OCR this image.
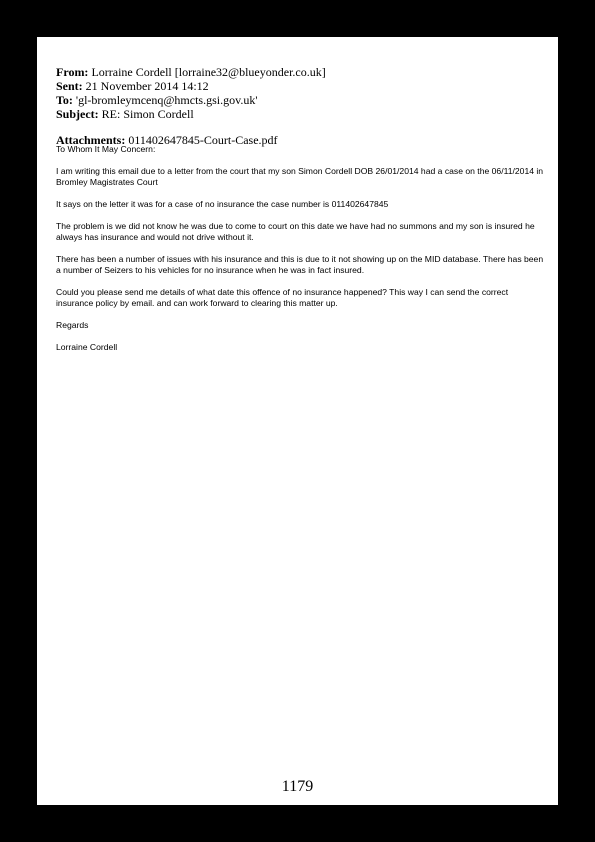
From: Lorraine Cordell [lorraine32@blueyonder.co.uk]
Sent: 21 November 2014 14:12
To: 'gl-bromleymcenq@hmcts.gsi.gov.uk'
Subject: RE: Simon Cordell
Attachments: 011402647845-Court-Case.pdf

To Whom It May Concern:

I am writing this email due to a letter from the court that my son Simon Cordell DOB 26/01/2014 had a case on the 06/11/2014 in Bromley Magistrates Court

It says on the letter it was for a case of no insurance the case number is 011402647845

The problem is we did not know he was due to come to court on this date we have had no summons and my son is insured he always has insurance and would not drive without it.

There has been a number of issues with his insurance and this is due to it not showing up on the MID database. There has been a number of Seizers to his vehicles for no insurance when he was in fact insured.

Could you please send me details of what date this offence of no insurance happened? This way I can send the correct insurance policy by email. and can work forward to clearing this matter up.

Regards

Lorraine Cordell

1179
